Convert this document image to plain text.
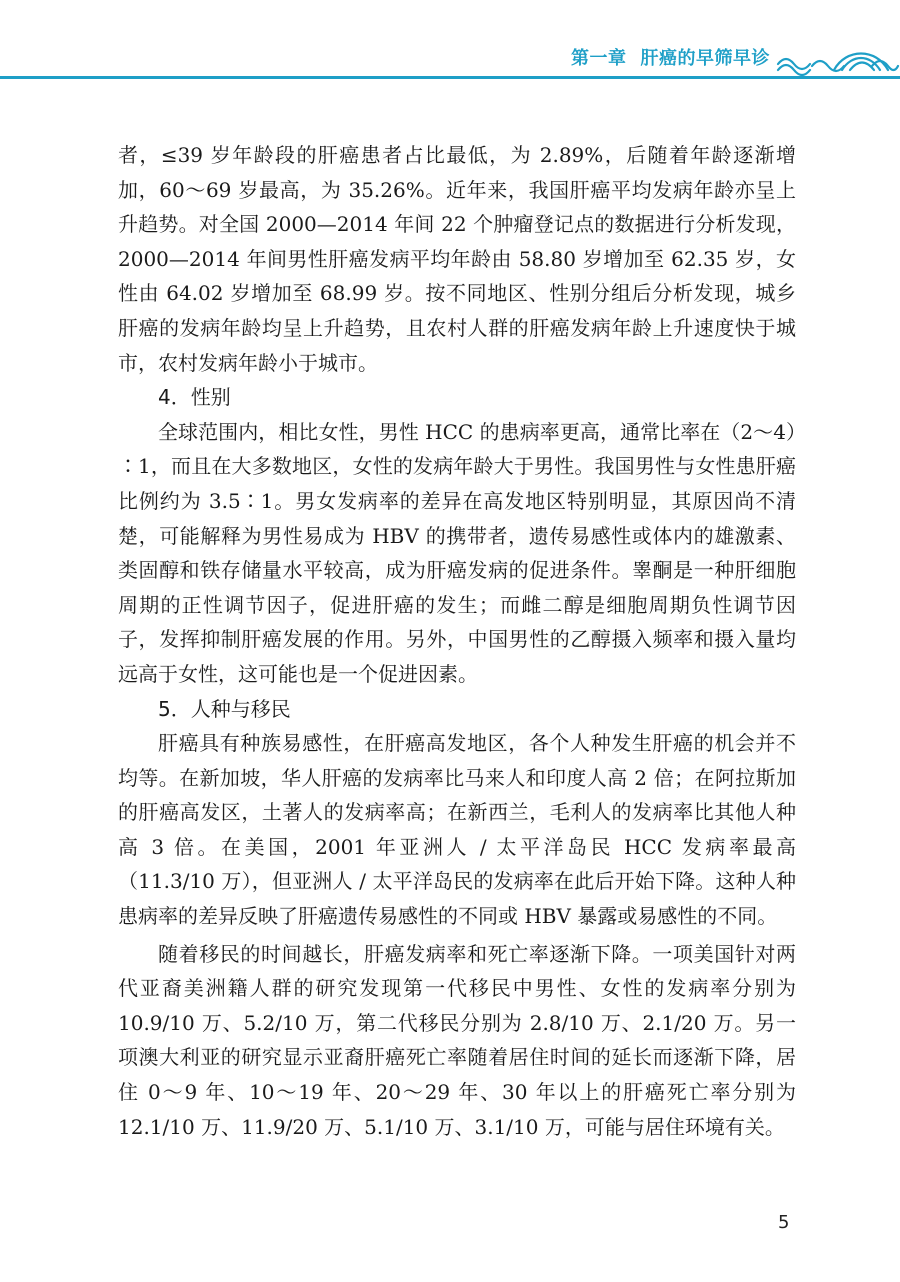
第一章 肝癌的早筛早诊

者，≤39 岁年龄段的肝癌患者占比最低，为 2.89%，后随着年龄逐渐增加，60～69 岁最高，为 35.26%。近年来，我国肝癌平均发病年龄亦呈上升趋势。对全国 2000—2014 年间 22 个肿瘤登记点的数据进行分析发现，2000—2014 年间男性肝癌发病平均年龄由 58.80 岁增加至 62.35 岁，女性由 64.02 岁增加至 68.99 岁。按不同地区、性别分组后分析发现，城乡肝癌的发病年龄均呈上升趋势，且农村人群的肝癌发病年龄上升速度快于城市，农村发病年龄小于城市。

4．性别

全球范围内，相比女性，男性 HCC 的患病率更高，通常比率在（2～4）∶1，而且在大多数地区，女性的发病年龄大于男性。我国男性与女性患肝癌比例约为 3.5∶1。男女发病率的差异在高发地区特别明显，其原因尚不清楚，可能解释为男性易成为 HBV 的携带者，遗传易感性或体内的雄激素、类固醇和铁存储量水平较高，成为肝癌发病的促进条件。睾酮是一种肝细胞周期的正性调节因子，促进肝癌的发生；而雌二醇是细胞周期负性调节因子，发挥抑制肝癌发展的作用。另外，中国男性的乙醇摄入频率和摄入量均远高于女性，这可能也是一个促进因素。

5．人种与移民

肝癌具有种族易感性，在肝癌高发地区，各个人种发生肝癌的机会并不均等。在新加坡，华人肝癌的发病率比马来人和印度人高 2 倍；在阿拉斯加的肝癌高发区，土著人的发病率高；在新西兰，毛利人的发病率比其他人种高 3 倍。在美国，2001 年亚洲人 / 太平洋岛民 HCC 发病率最高（11.3/10 万），但亚洲人 / 太平洋岛民的发病率在此后开始下降。这种人种患病率的差异反映了肝癌遗传易感性的不同或 HBV 暴露或易感性的不同。

随着移民的时间越长，肝癌发病率和死亡率逐渐下降。一项美国针对两代亚裔美洲籍人群的研究发现第一代移民中男性、女性的发病率分别为 10.9/10 万、5.2/10 万，第二代移民分别为 2.8/10 万、2.1/20 万。另一项澳大利亚的研究显示亚裔肝癌死亡率随着居住时间的延长而逐渐下降，居住 0～9 年、10～19 年、20～29 年、30 年以上的肝癌死亡率分别为 12.1/10 万、11.9/20 万、5.1/10 万、3.1/10 万，可能与居住环境有关。

5
